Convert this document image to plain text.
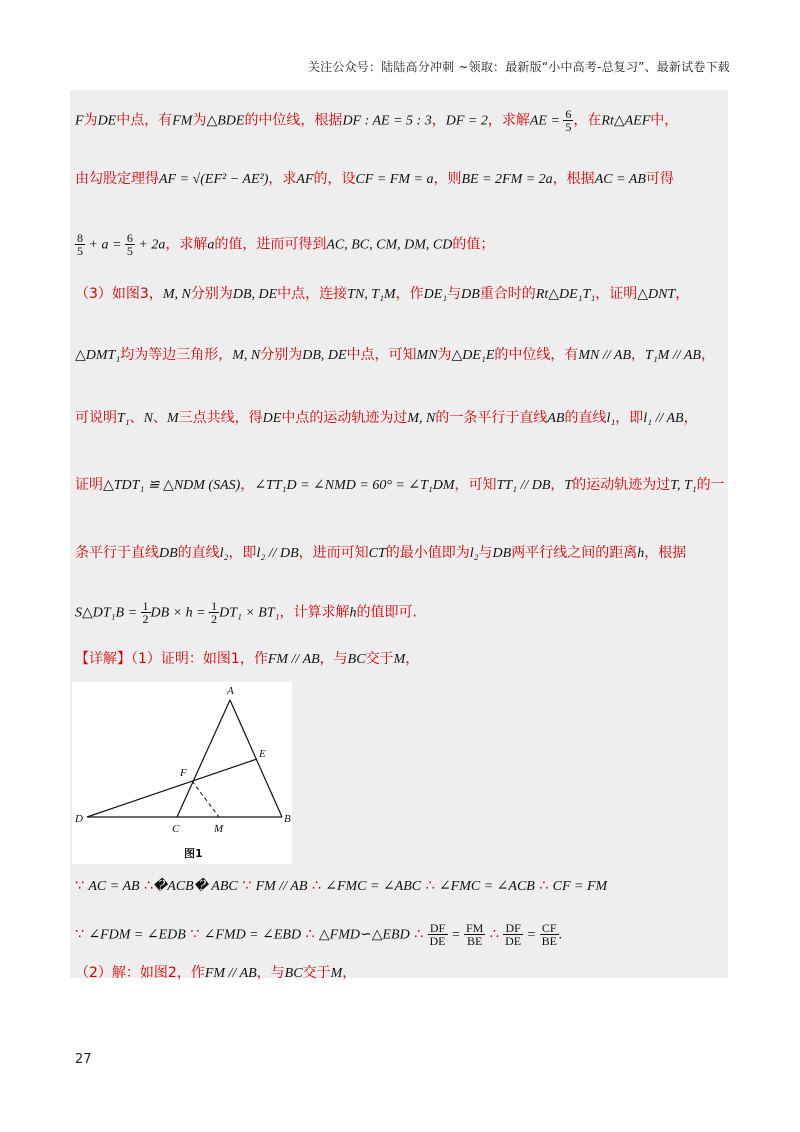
关注公众号：陆陆高分冲刺 ~领取：最新版“小中高考-总复习”、最新试卷下载
F为DE中点，有FM为△BDE的中位线，根据DF : AE = 5 : 3，DF = 2，求解AE = $\frac{6}{5}$ ，在Rt△AEF中，
由勾股定理得AF = √(EF² − AE²)，求AF的，设CF = FM = a，则BE = 2FM = 2a，根据AC = AB可得
$\frac{8}{5} + a = \frac{6}{5} + 2a$，求解a的值，进而可得到AC, BC, CM, DM, CD的值；
（3）如图3，M, N分别为DB, DE中点，连接TN, T₁M，作DE₁与DB重合时的Rt△DE₁T₁，证明△DNT，
△DMT₁均为等边三角形，M, N分别为DB, DE中点，可知MN为△DE₁E的中位线，有MN // AB，T₁M // AB，
可说明T₁、N、M三点共线，得DE中点的运动轨迹为过M, N的一条平行于直线AB的直线l₁，即l₁ // AB，
证明△TDT₁ ≌ △NDM (SAS)，∠TT₁D = ∠NMD = 60° = ∠T₁DM，可知TT₁ // DB，T的运动轨迹为过T, T₁的一
条平行于直线DB的直线l₂，即l₂ // DB，进而可知CT的最小值即为l₂与DB两平行线之间的距离h，根据
S△DT₁B = $\frac{1}{2}$ DB × $h = \frac{1}{2} DT_1 \times BT_1$，计算求解h的值即可.
【详解】（1）证明：如图1，作FM // AB，与BC交于M，
∵ AC = AB ∴�ACB� ABC ∵ FM // AB ∴ ∠FMC = ∠ABC ∴ ∠FMC = ∠ACB ∴ CF = FM
∵ ∠FDM = ∠EDB ∵ ∠FMD = ∠EBD ∴ △FMD∽△EBD ∴ $\frac{DF}{DE} = \frac{FM}{BE}$ ∴ $\frac{DF}{DE} = \frac{CF}{BE}$ .
（2）解：如图2，作FM // AB，与BC交于M，
A
E
F
D
C	M
B
图1
27
